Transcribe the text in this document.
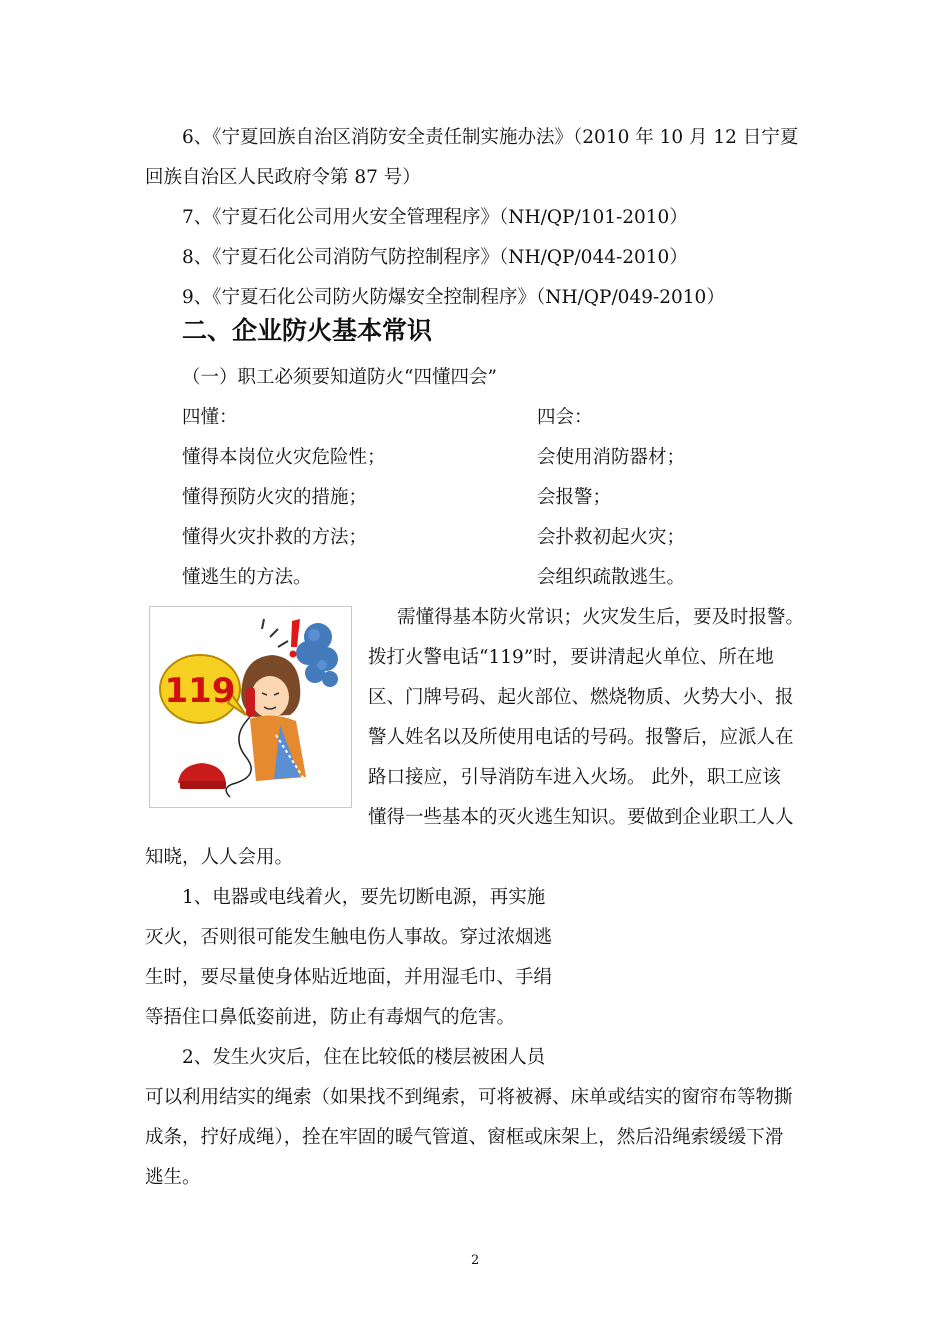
6、《宁夏回族自治区消防安全责任制实施办法》（2010 年 10 月 12 日宁夏
回族自治区人民政府令第 87 号）
7、《宁夏石化公司用火安全管理程序》（NH/QP/101-2010）
8、《宁夏石化公司消防气防控制程序》（NH/QP/044-2010）
9、《宁夏石化公司防火防爆安全控制程序》（NH/QP/049-2010）
二、企业防火基本常识
（一）职工必须要知道防火“四懂四会”
四懂：	四会：
懂得本岗位火灾危险性；	会使用消防器材；
懂得预防火灾的措施；	会报警；
懂得火灾扑救的方法；	会扑救初起火灾；
懂逃生的方法。	会组织疏散逃生。
119
需懂得基本防火常识；火灾发生后，要及时报警。
拨打火警电话“119”时，要讲清起火单位、所在地
区、门牌号码、起火部位、燃烧物质、火势大小、报
警人姓名以及所使用电话的号码。报警后，应派人在
路口接应，引导消防车进入火场。 此外，职工应该
懂得一些基本的灭火逃生知识。要做到企业职工人人
知晓，人人会用。
1、电器或电线着火，要先切断电源，再实施
灭火，否则很可能发生触电伤人事故。穿过浓烟逃
生时，要尽量使身体贴近地面，并用湿毛巾、手绢
等捂住口鼻低姿前进，防止有毒烟气的危害。
2、发生火灾后，住在比较低的楼层被困人员
可以利用结实的绳索（如果找不到绳索，可将被褥、床单或结实的窗帘布等物撕
成条，拧好成绳），拴在牢固的暖气管道、窗框或床架上，然后沿绳索缓缓下滑
逃生。
2
